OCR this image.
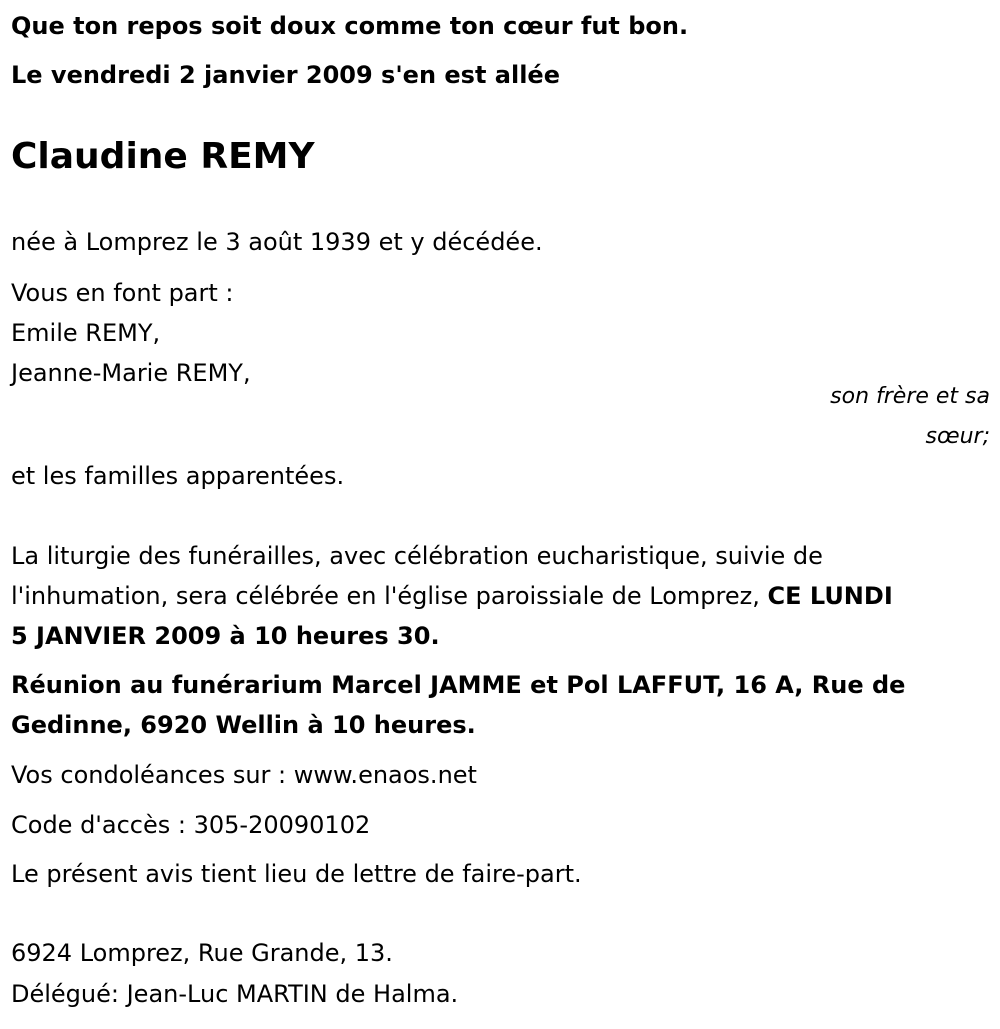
Que ton repos soit doux comme ton cœur fut bon.

Le vendredi 2 janvier 2009 s'en est allée

Claudine REMY

née à Lomprez le 3 août 1939 et y décédée.

Vous en font part :

Emile REMY,

Jeanne-Marie REMY,

son frère et sa

sœur;

et les familles apparentées.

La liturgie des funérailles, avec célébration eucharistique, suivie de

l'inhumation, sera célébrée en l'église paroissiale de Lomprez, CE LUNDI

5 JANVIER 2009 à 10 heures 30.

Réunion au funérarium Marcel JAMME et Pol LAFFUT, 16 A, Rue de

Gedinne, 6920 Wellin à 10 heures.

Vos condoléances sur : www.enaos.net

Code d'accès : 305-20090102

Le présent avis tient lieu de lettre de faire-part.

6924 Lomprez, Rue Grande, 13.

Délégué: Jean-Luc MARTIN de Halma.
